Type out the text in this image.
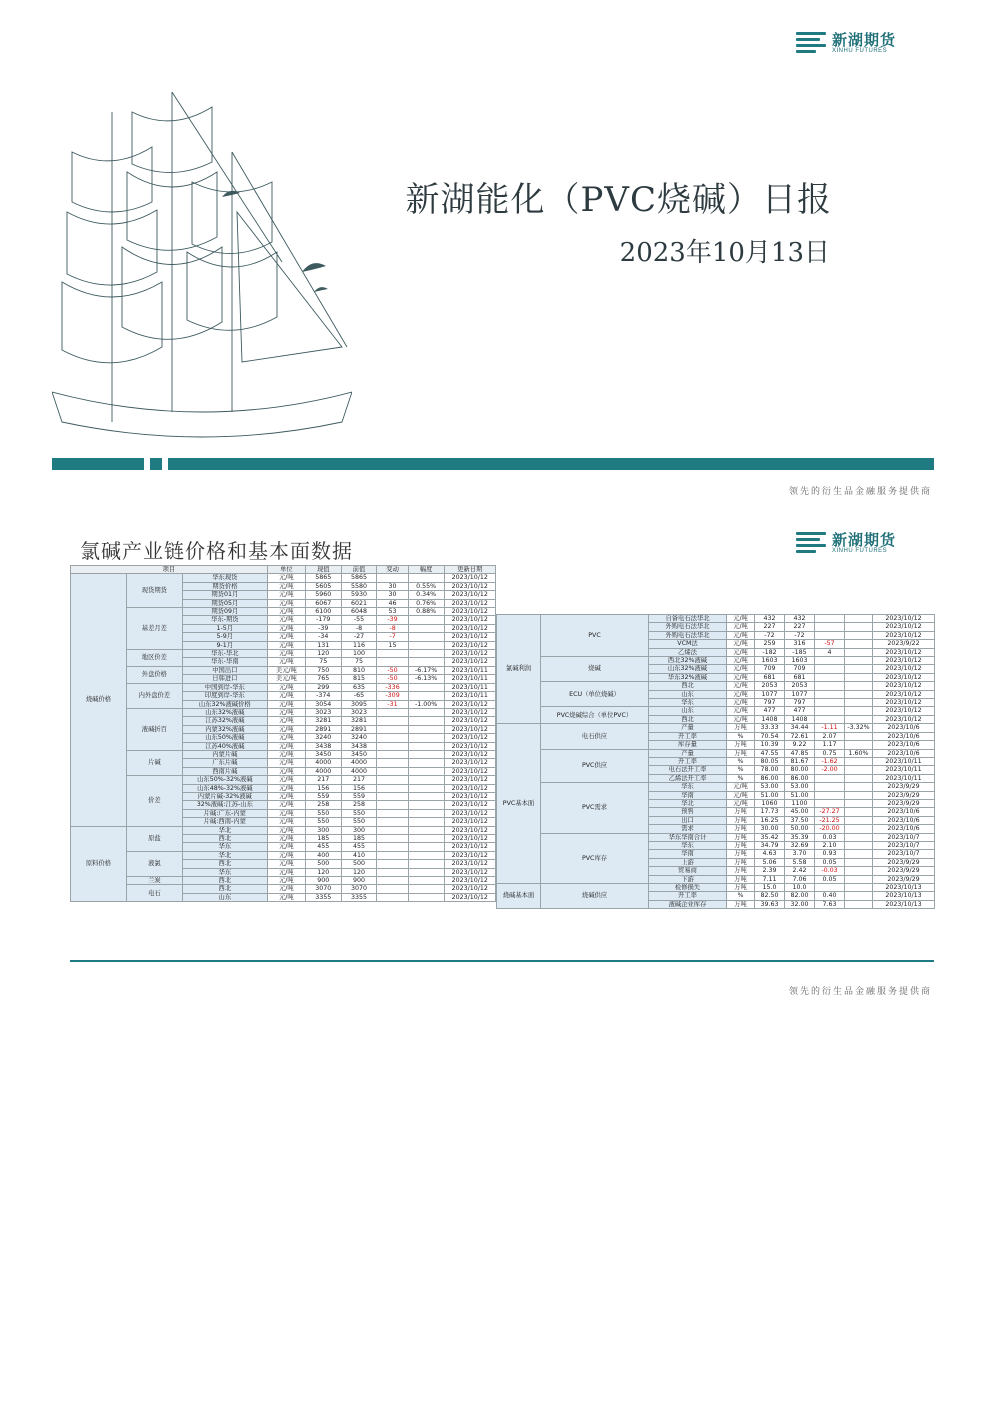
新湖期货
XINHU FUTURES
新湖能化（PVC烧碱）日报
2023年10月13日
领先的衍生品金融服务提供商
新湖期货
XINHU FUTURES
氯碱产业链价格和基本面数据
项目			单位	现值	前值	变动	幅度	更新日期
烧碱价格	现货期货	华东现货	元/吨	5865	5865			2023/10/12
		期货价格	元/吨	5605	5580	30	0.55%	2023/10/12
		期货01月	元/吨	5960	5930	30	0.34%	2023/10/12
		期货05月	元/吨	6067	6021	46	0.76%	2023/10/12
	基差月差	期货09月	元/吨	6100	6048	53	0.88%	2023/10/12
		华东-期货	元/吨	-179	-55	-39		2023/10/12
		1-5月	元/吨	-39	-8	-8		2023/10/12
		5-9月	元/吨	-34	-27	-7		2023/10/12
		9-1月	元/吨	131	116	15		2023/10/12
	地区价差	华东-华北	元/吨	120	100			2023/10/12
		华东-华南	元/吨	75	75			2023/10/12
	外盘价格	中国出口	美元/吨	750	810	-50	-6.17%	2023/10/11
		日韩进口	美元/吨	765	815	-50	-6.13%	2023/10/11
	内外盘价差	中国到岸-华东	元/吨	299	635	-336		2023/10/11
		印度到岸-华东	元/吨	-374	-65	-309		2023/10/11
		山东32%液碱价格	元/吨	3054	3095	-31	-1.00%	2023/10/12
	液碱折百	山东32%液碱	元/吨	3023	3023			2023/10/12
		江苏32%液碱	元/吨	3281	3281			2023/10/12
		内蒙32%液碱	元/吨	2891	2891			2023/10/12
		山东50%液碱	元/吨	3240	3240			2023/10/12
		江苏40%液碱	元/吨	3438	3438			2023/10/12
	片碱	内蒙片碱	元/吨	3450	3450			2023/10/12
		广东片碱	元/吨	4000	4000			2023/10/12
		西南片碱	元/吨	4000	4000			2023/10/12
	价差	山东50%-32%液碱	元/吨	217	217			2023/10/12
		山东48%-32%液碱	元/吨	156	156			2023/10/12
		内蒙片碱-32%液碱	元/吨	559	559			2023/10/12
		32%液碱:江苏-山东	元/吨	258	258			2023/10/12
		片碱:广东-内蒙	元/吨	550	550			2023/10/12
		片碱:西南-内蒙	元/吨	550	550			2023/10/12
原料价格	原盐	华北	元/吨	300	300			2023/10/12
		西北	元/吨	185	185			2023/10/12
		华东	元/吨	455	455			2023/10/12
	液氯	华北	元/吨	400	410			2023/10/12
		西北	元/吨	500	500			2023/10/12
		华东	元/吨	120	120			2023/10/12
	兰炭	西北	元/吨	900	900			2023/10/12
	电石	西北	元/吨	3070	3070			2023/10/12
		山东	元/吨	3355	3355			2023/10/12
氯碱利润	PVC	自备电石法华北	元/吨	432	432			2023/10/12
		外购电石法华北	元/吨	227	227			2023/10/12
		外购电石法华北	元/吨	-72	-72			2023/10/12
		VCM法	元/吨	259	316	-57		2023/9/22
		乙烯法	元/吨	-182	-185	4		2023/10/12
	烧碱	西北32%液碱	元/吨	1603	1603			2023/10/12
		山东32%液碱	元/吨	709	709			2023/10/12
		华东32%液碱	元/吨	681	681			2023/10/12
	ECU（单位烧碱）	西北	元/吨	2053	2053			2023/10/12
		山东	元/吨	1077	1077			2023/10/12
		华东	元/吨	797	797			2023/10/12
	PVC烧碱综合（单位PVC）	山东	元/吨	477	477			2023/10/12
		西北	元/吨	1408	1408			2023/10/12
PVC基本面	电石供应	产量	万吨	33.33	34.44	-1.11	-3.32%	2023/10/6
		开工率	%	70.54	72.61	2.07		2023/10/6
		库存量	万吨	10.39	9.22	1.17		2023/10/6
	PVC供应	产量	万吨	47.55	47.85	0.75	1.60%	2023/10/6
		开工率	%	80.05	81.67	-1.62		2023/10/11
		电石法开工率	%	78.00	80.00	-2.00		2023/10/11
		乙烯法开工率	%	86.00	86.00			2023/10/11
	PVC需求	华东	元/吨	53.00	53.00			2023/9/29
		华南	元/吨	51.00	51.00			2023/9/29
		华北	元/吨	1060	1100			2023/9/29
		预售	万吨	17.73	45.00	-27.27		2023/10/6
		出口	万吨	16.25	37.50	-21.25		2023/10/6
		需求	万吨	30.00	50.00	-20.00		2023/10/6
	PVC库存	华东华南合计	万吨	35.42	35.39	0.03		2023/10/7
		华东	万吨	34.79	32.69	2.10		2023/10/7
		华南	万吨	4.63	3.70	0.93		2023/10/7
		上游	万吨	5.06	5.58	0.05		2023/9/29
		贸易商	万吨	2.39	2.42	-0.03		2023/9/29
		下游	万吨	7.11	7.06	0.05		2023/9/29
烧碱基本面	烧碱供应	检修损失	万吨	15.0	10.0			2023/10/13
		开工率	%	82.50	82.00	0.40		2023/10/13
		液碱企业库存	万吨	39.63	32.00	7.63		2023/10/13
领先的衍生品金融服务提供商
